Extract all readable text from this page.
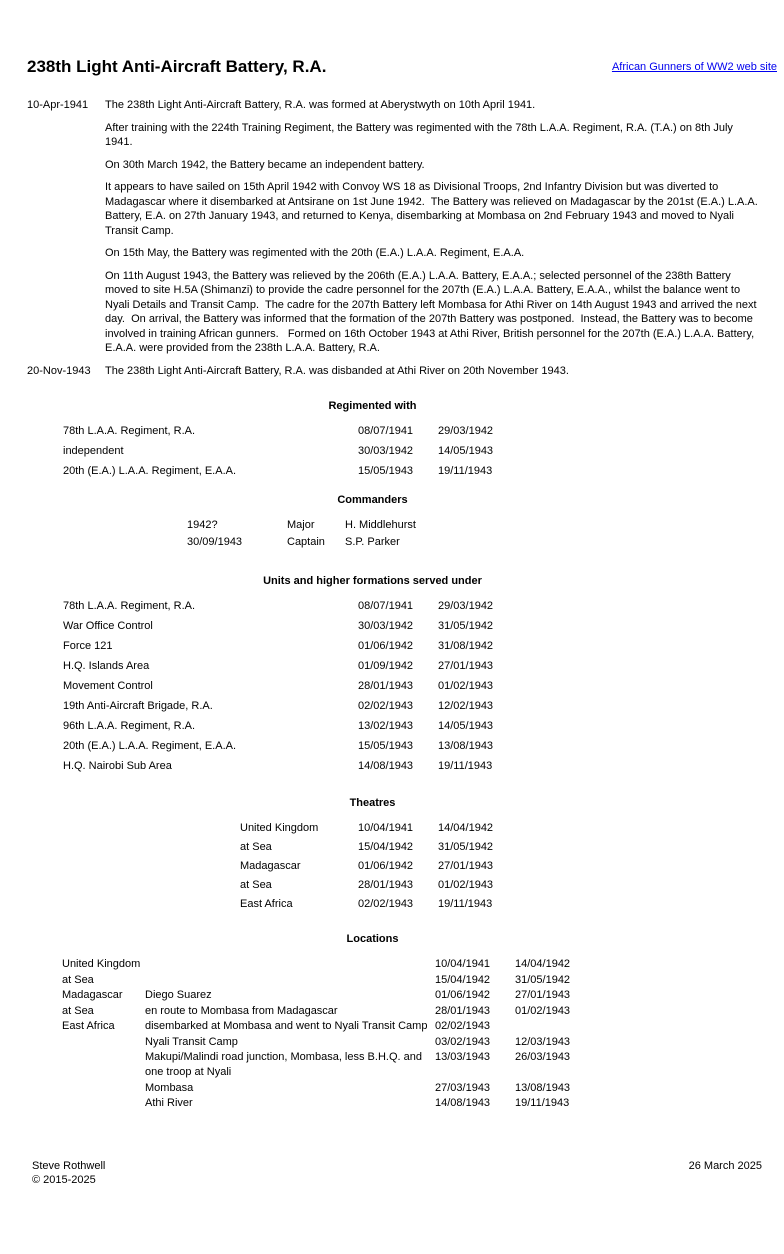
African Gunners of WW2 web site
238th Light Anti-Aircraft Battery, R.A.
10-Apr-1941	The 238th Light Anti-Aircraft Battery, R.A. was formed at Aberystwyth on 10th April 1941.
After training with the 224th Training Regiment, the Battery was regimented with the 78th L.A.A. Regiment, R.A. (T.A.) on 8th July 1941.
On 30th March 1942, the Battery became an independent battery.
It appears to have sailed on 15th April 1942 with Convoy WS 18 as Divisional Troops, 2nd Infantry Division but was diverted to Madagascar where it disembarked at Antsirane on 1st June 1942.  The Battery was relieved on Madagascar by the 201st (E.A.) L.A.A. Battery, E.A. on 27th January 1943, and returned to Kenya, disembarking at Mombasa on 2nd February 1943 and moved to Nyali Transit Camp.
On 15th May, the Battery was regimented with the 20th (E.A.) L.A.A. Regiment, E.A.A.
On 11th August 1943, the Battery was relieved by the 206th (E.A.) L.A.A. Battery, E.A.A.; selected personnel of the 238th Battery moved to site H.5A (Shimanzi) to provide the cadre personnel for the 207th (E.A.) L.A.A. Battery, E.A.A., whilst the balance went to Nyali Details and Transit Camp.  The cadre for the 207th Battery left Mombasa for Athi River on 14th August 1943 and arrived the next day.  On arrival, the Battery was informed that the formation of the 207th Battery was postponed.  Instead, the Battery was to become involved in training African gunners.   Formed on 16th October 1943 at Athi River, British personnel for the 207th (E.A.) L.A.A. Battery, E.A.A. were provided from the 238th L.A.A. Battery, R.A.
20-Nov-1943	The 238th Light Anti-Aircraft Battery, R.A. was disbanded at Athi River on 20th November 1943.
Regimented with
78th L.A.A. Regiment, R.A.	08/07/1941	29/03/1942
independent	30/03/1942	14/05/1943
20th (E.A.) L.A.A. Regiment, E.A.A.	15/05/1943	19/11/1943
Commanders
1942?	Major	H. Middlehurst
30/09/1943	Captain	S.P. Parker
Units and higher formations served under
78th L.A.A. Regiment, R.A.	08/07/1941	29/03/1942
War Office Control	30/03/1942	31/05/1942
Force 121	01/06/1942	31/08/1942
H.Q. Islands Area	01/09/1942	27/01/1943
Movement Control	28/01/1943	01/02/1943
19th Anti-Aircraft Brigade, R.A.	02/02/1943	12/02/1943
96th L.A.A. Regiment, R.A.	13/02/1943	14/05/1943
20th (E.A.) L.A.A. Regiment, E.A.A.	15/05/1943	13/08/1943
H.Q. Nairobi Sub Area	14/08/1943	19/11/1943
Theatres
United Kingdom	10/04/1941	14/04/1942
at Sea	15/04/1942	31/05/1942
Madagascar	01/06/1942	27/01/1943
at Sea	28/01/1943	01/02/1943
East Africa	02/02/1943	19/11/1943
Locations
United Kingdom	10/04/1941	14/04/1942
at Sea	15/04/1942	31/05/1942
Madagascar	Diego Suarez	01/06/1942	27/01/1943
at Sea	en route to Mombasa from Madagascar	28/01/1943	01/02/1943
East Africa	disembarked at Mombasa and went to Nyali Transit Camp 02/02/1943
Nyali Transit Camp	03/02/1943	12/03/1943
Makupi/Malindi road junction, Mombasa, less B.H.Q. and one troop at Nyali
13/03/1943	26/03/1943
Mombasa	27/03/1943	13/08/1943
Athi River	14/08/1943	19/11/1943
Steve Rothwell
© 2015-2025
26 March 2025
